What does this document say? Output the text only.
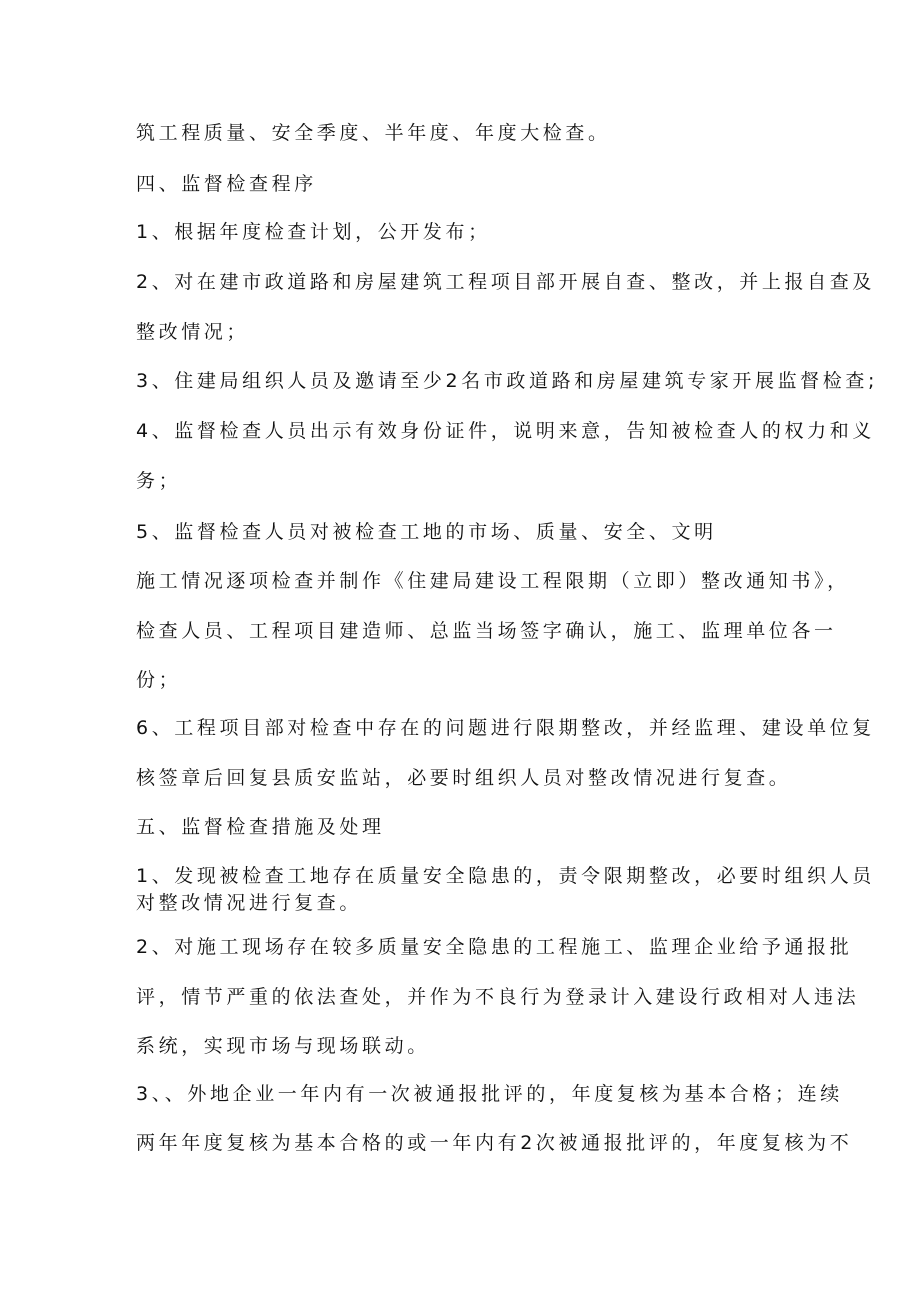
筑工程质量、安全季度、半年度、年度大检查。
四、监督检查程序
1、根据年度检查计划，公开发布；
2、对在建市政道路和房屋建筑工程项目部开展自查、整改，并上报自查及
整改情况；
3、住建局组织人员及邀请至少2名市政道路和房屋建筑专家开展监督检查;
4、监督检查人员出示有效身份证件，说明来意，告知被检查人的权力和义
务；
5、监督检查人员对被检查工地的市场、质量、安全、文明
施工情况逐项检查并制作《住建局建设工程限期（立即）整改通知书》，
检查人员、工程项目建造师、总监当场签字确认，施工、监理单位各一
份；
6、工程项目部对检查中存在的问题进行限期整改，并经监理、建设单位复
核签章后回复县质安监站，必要时组织人员对整改情况进行复查。
五、监督检查措施及处理
1、发现被检查工地存在质量安全隐患的，责令限期整改，必要时组织人员
对整改情况进行复查。
2、对施工现场存在较多质量安全隐患的工程施工、监理企业给予通报批
评，情节严重的依法查处，并作为不良行为登录计入建设行政相对人违法
系统，实现市场与现场联动。
3、、外地企业一年内有一次被通报批评的，年度复核为基本合格；连续
两年年度复核为基本合格的或一年内有2次被通报批评的，年度复核为不
